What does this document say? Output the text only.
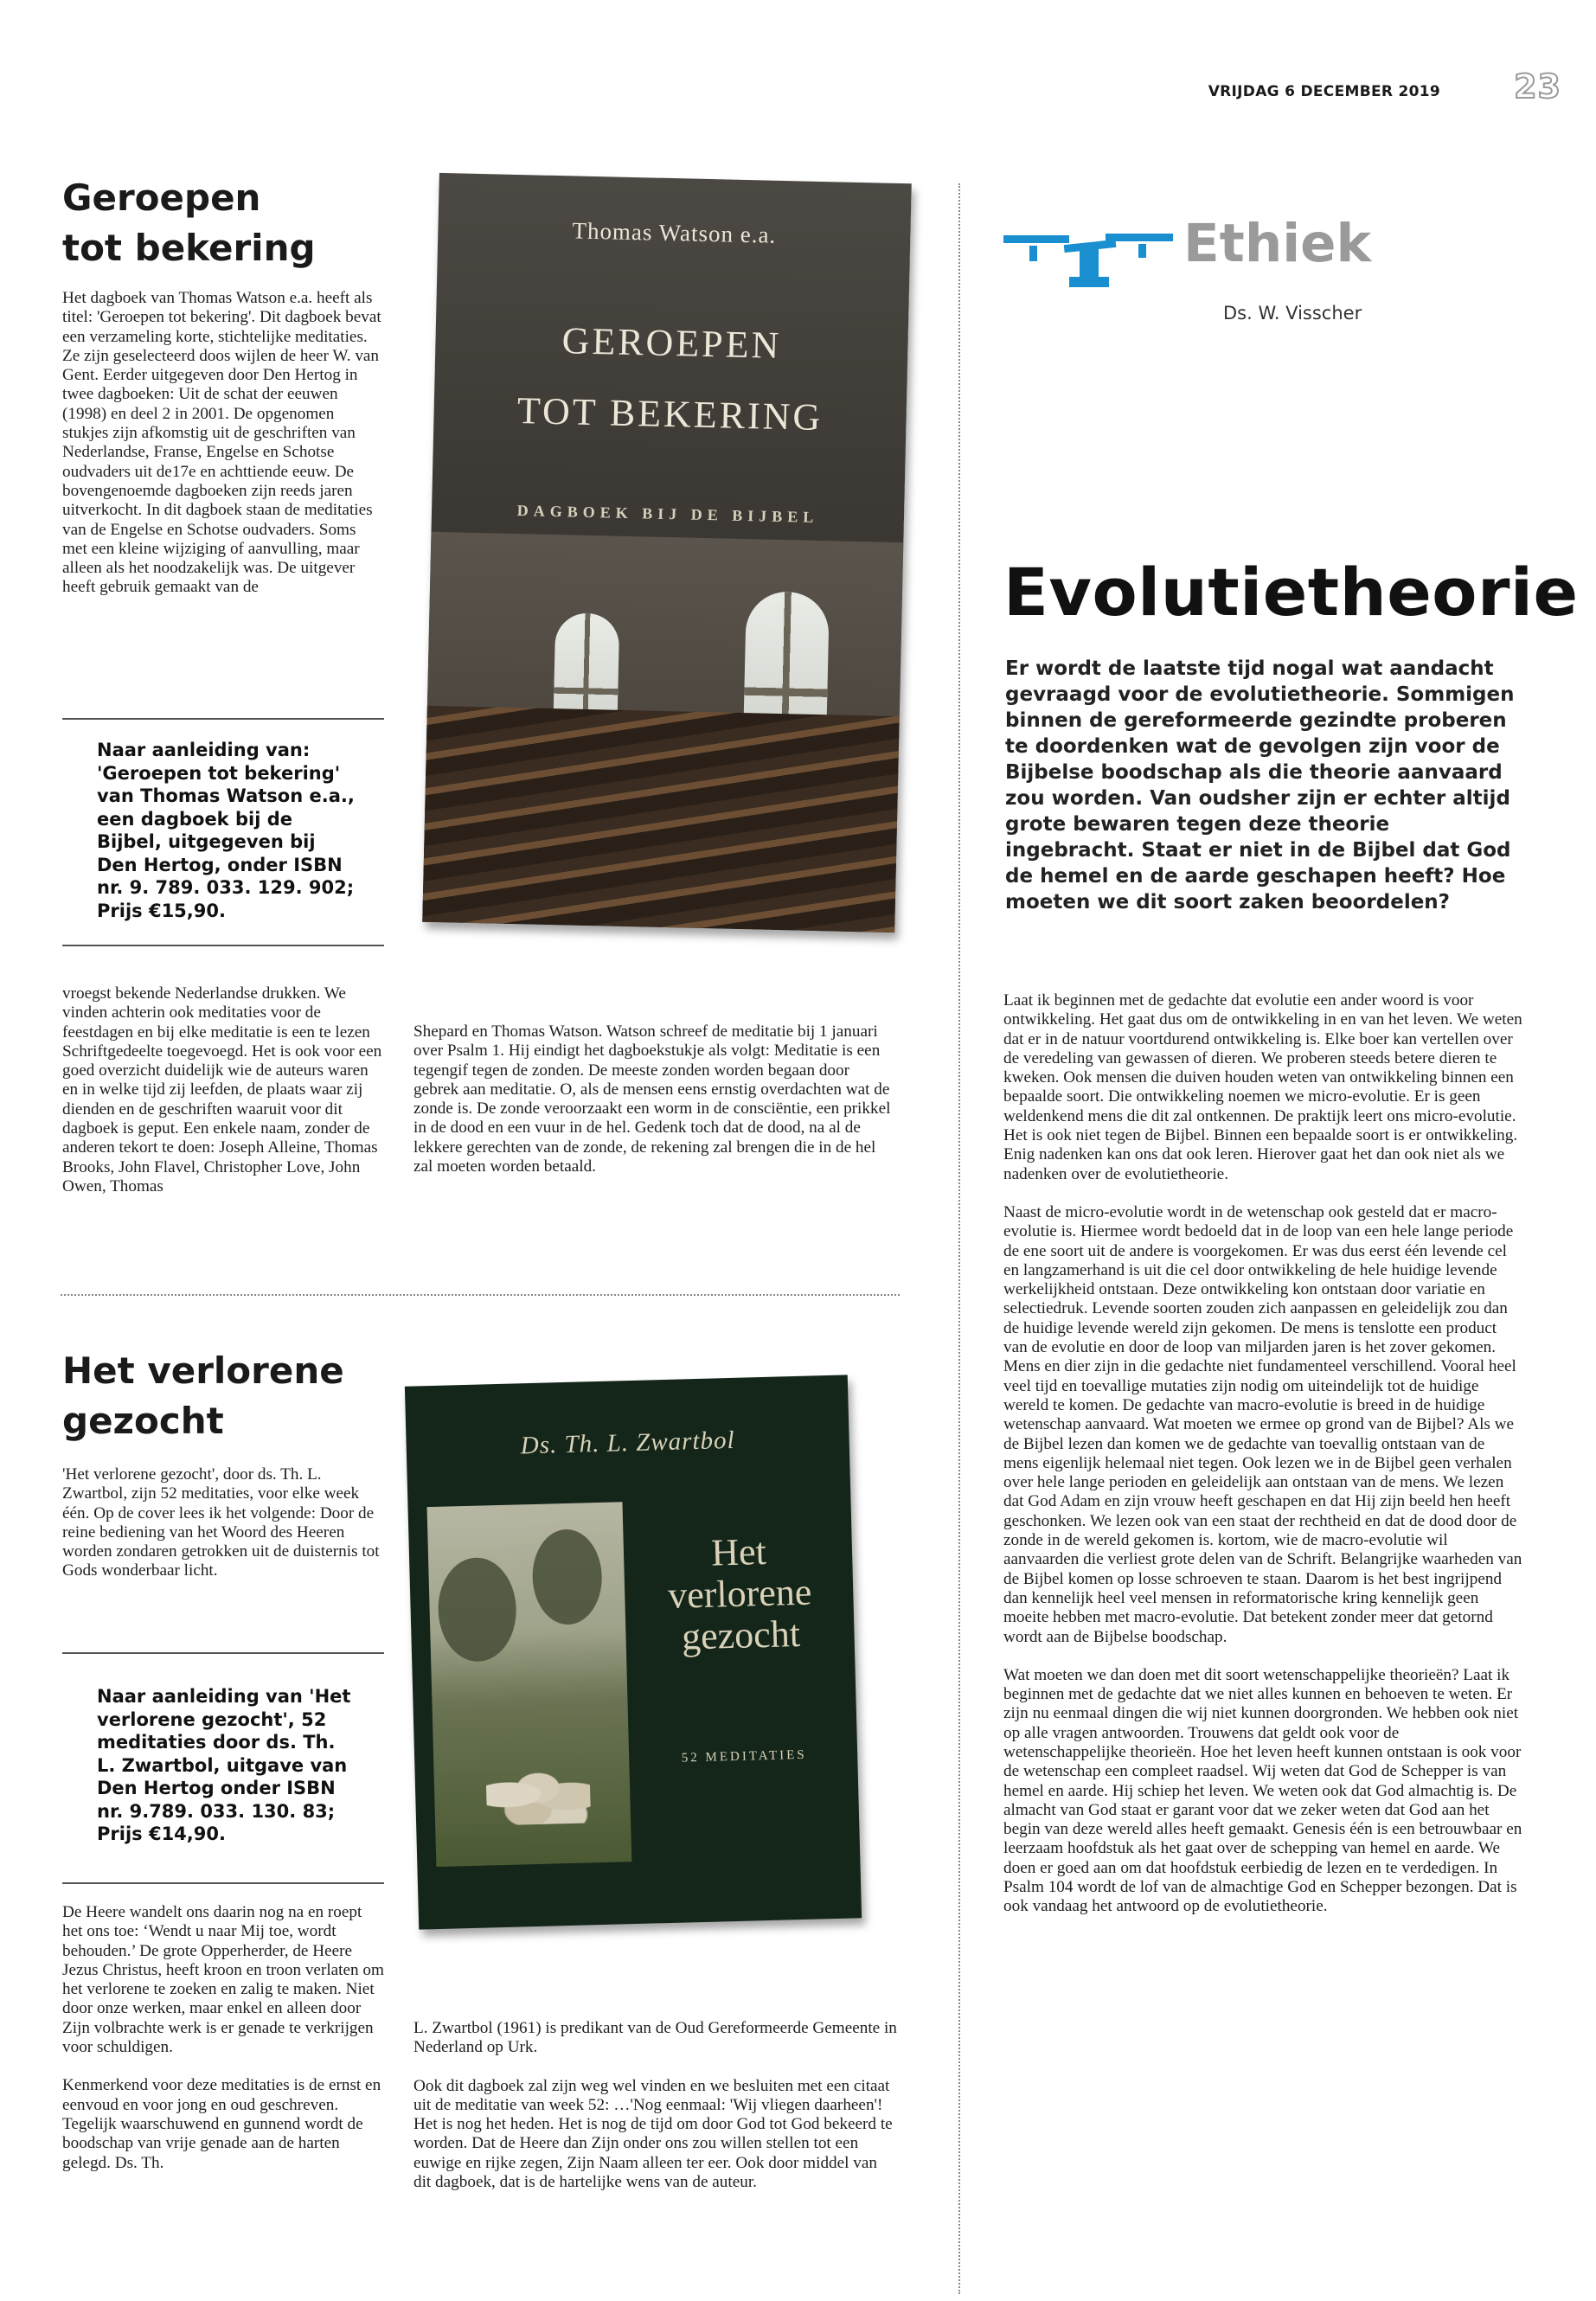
VRIJDAG 6 DECEMBER 2019 23
Geroepen
tot bekering
Het dagboek van Thomas Watson e.a. heeft als titel: 'Geroepen tot bekering'. Dit dagboek bevat een verzameling korte, stichtelijke meditaties. Ze zijn geselecteerd doos wijlen de heer W. van Gent. Eerder uitgegeven door Den Hertog in twee dagboeken: Uit de schat der eeuwen (1998) en deel 2 in 2001. De opgenomen stukjes zijn afkomstig uit de geschriften van Nederlandse, Franse, Engelse en Schotse oudvaders uit de17e en achttiende eeuw. De bovengenoemde dagboeken zijn reeds jaren uitverkocht. In dit dagboek staan de meditaties van de Engelse en Schotse oudvaders. Soms met een kleine wijziging of aanvulling, maar alleen als het noodzakelijk was. De uitgever heeft gebruik gemaakt van de
Naar aanleiding van: 'Geroepen tot bekering' van Thomas Watson e.a., een dagboek bij de Bijbel, uitgegeven bij Den Hertog, onder ISBN nr. 9. 789. 033. 129. 902; Prijs €15,90.
vroegst bekende Nederlandse drukken. We vinden achterin ook meditaties voor de feestdagen en bij elke meditatie is een te lezen Schriftgedeelte toegevoegd. Het is ook voor een goed overzicht duidelijk wie de auteurs waren en in welke tijd zij leefden, de plaats waar zij dienden en de geschriften waaruit voor dit dagboek is geput. Een enkele naam, zonder de anderen tekort te doen: Joseph Alleine, Thomas Brooks, John Flavel, Christopher Love, John Owen, Thomas
Shepard en Thomas Watson. Watson schreef de meditatie bij 1 januari over Psalm 1. Hij eindigt het dagboekstukje als volgt: Meditatie is een tegengif tegen de zonden. De meeste zonden worden begaan door gebrek aan meditatie. O, als de mensen eens ernstig overdachten wat de zonde is. De zonde veroorzaakt een worm in de consciëntie, een prikkel in de dood en een vuur in de hel. Gedenk toch dat de dood, na al de lekkere gerechten van de zonde, de rekening zal brengen die in de hel zal moeten worden betaald.
Thomas Watson e.a.
GEROEPEN
TOT BEKERING
DAGBOEK BIJ DE BIJBEL
Het verlorene
gezocht
'Het verlorene gezocht', door ds. Th. L. Zwartbol, zijn 52 meditaties, voor elke week één. Op de cover lees ik het volgende: Door de reine bediening van het Woord des Heeren worden zondaren getrokken uit de duisternis tot Gods wonderbaar licht.
Naar aanleiding van 'Het verlorene gezocht', 52 meditaties door ds. Th. L. Zwartbol, uitgave van Den Hertog onder ISBN nr. 9.789. 033. 130. 83; Prijs €14,90.

De Heere wandelt ons daarin nog na en roept het ons toe: ‘Wendt u naar Mij toe, wordt behouden.’ De grote Opperherder, de Heere Jezus Christus, heeft kroon en troon verlaten om het verlorene te zoeken en zalig te maken. Niet door onze werken, maar enkel en alleen door Zijn volbrachte werk is er genade te verkrijgen voor schuldigen.

Kenmerkend voor deze meditaties is de ernst en eenvoud en voor jong en oud geschreven. Tegelijk waarschuwend en gunnend wordt de boodschap van vrije genade aan de harten gelegd. Ds. Th.

L. Zwartbol (1961) is predikant van de Oud Gereformeerde Gemeente in Nederland op Urk.

Ook dit dagboek zal zijn weg wel vinden en we besluiten met een citaat uit de meditatie van week 52: …'Nog eenmaal: 'Wij vliegen daarheen'! Het is nog het heden. Het is nog de tijd om door God tot God bekeerd te worden. Dat de Heere dan Zijn onder ons zou willen stellen tot een euwige en rijke zegen, Zijn Naam alleen ter eer. Ook door middel van dit dagboek, dat is de hartelijke wens van de auteur.

Ds. Th. L. Zwartbol
Het
verlorene
gezocht
52 MEDITATIES
Ethiek
Ds. W. Visscher
Evolutietheorie
Er wordt de laatste tijd nogal wat aandacht gevraagd voor de evolutietheorie. Sommigen binnen de gereformeerde gezindte proberen te doordenken wat de gevolgen zijn voor de Bijbelse boodschap als die theorie aanvaard zou worden. Van oudsher zijn er echter altijd grote bewaren tegen deze theorie ingebracht. Staat er niet in de Bijbel dat God de hemel en de aarde geschapen heeft? Hoe moeten we dit soort zaken beoordelen?

Laat ik beginnen met de gedachte dat evolutie een ander woord is voor ontwikkeling. Het gaat dus om de ontwikkeling in en van het leven. We weten dat er in de natuur voortdurend ontwikkeling is. Elke boer kan vertellen over de veredeling van gewassen of dieren. We proberen steeds betere dieren te kweken. Ook mensen die duiven houden weten van ontwikkeling binnen een bepaalde soort. Die ontwikkeling noemen we micro-evolutie. Er is geen weldenkend mens die dit zal ontkennen. De praktijk leert ons micro-evolutie. Het is ook niet tegen de Bijbel. Binnen een bepaalde soort is er ontwikkeling. Enig nadenken kan ons dat ook leren. Hierover gaat het dan ook niet als we nadenken over de evolutietheorie.

Naast de micro-evolutie wordt in de wetenschap ook gesteld dat er macro-evolutie is. Hiermee wordt bedoeld dat in de loop van een hele lange periode de ene soort uit de andere is voorgekomen. Er was dus eerst één levende cel en langzamerhand is uit die cel door ontwikkeling de hele huidige levende werkelijkheid ontstaan. Deze ontwikkeling kon ontstaan door variatie en selectiedruk. Levende soorten zouden zich aanpassen en geleidelijk zou dan de huidige levende wereld zijn gekomen. De mens is tenslotte een product van de evolutie en door de loop van miljarden jaren is het zover gekomen. Mens en dier zijn in die gedachte niet fundamenteel verschillend. Vooral heel veel tijd en toevallige mutaties zijn nodig om uiteindelijk tot de huidige wereld te komen. De gedachte van macro-evolutie is breed in de huidige wetenschap aanvaard. Wat moeten we ermee op grond van de Bijbel? Als we de Bijbel lezen dan komen we de gedachte van toevallig ontstaan van de mens eigenlijk helemaal niet tegen. Ook lezen we in de Bijbel geen verhalen over hele lange perioden en geleidelijk aan ontstaan van de mens. We lezen dat God Adam en zijn vrouw heeft geschapen en dat Hij zijn beeld hen heeft geschonken. We lezen ook van een staat der rechtheid en dat de dood door de zonde in de wereld gekomen is. kortom, wie de macro-evolutie wil aanvaarden die verliest grote delen van de Schrift. Belangrijke waarheden van de Bijbel komen op losse schroeven te staan. Daarom is het best ingrijpend dan kennelijk heel veel mensen in reformatorische kring kennelijk geen moeite hebben met macro-evolutie. Dat betekent zonder meer dat getornd wordt aan de Bijbelse boodschap.

Wat moeten we dan doen met dit soort wetenschappelijke theorieën? Laat ik beginnen met de gedachte dat we niet alles kunnen en behoeven te weten. Er zijn nu eenmaal dingen die wij niet kunnen doorgronden. We hebben ook niet op alle vragen antwoorden. Trouwens dat geldt ook voor de wetenschappelijke theorieën. Hoe het leven heeft kunnen ontstaan is ook voor de wetenschap een compleet raadsel. Wij weten dat God de Schepper is van hemel en aarde. Hij schiep het leven. We weten ook dat God almachtig is. De almacht van God staat er garant voor dat we zeker weten dat God aan het begin van deze wereld alles heeft gemaakt. Genesis één is een betrouwbaar en leerzaam hoofdstuk als het gaat over de schepping van hemel en aarde. We doen er goed aan om dat hoofdstuk eerbiedig de lezen en te verdedigen. In Psalm 104 wordt de lof van de almachtige God en Schepper bezongen. Dat is ook vandaag het antwoord op de evolutietheorie.
